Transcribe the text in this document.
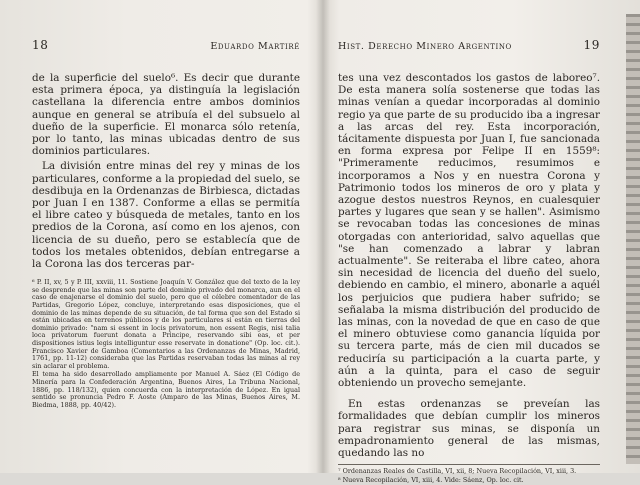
18	Eduardo Martiré

de la superficie del suelo⁶. Es decir que durante esta primera época, ya distinguía la legislación castellana la diferencia entre ambos dominios aunque en general se atribuía el del subsuelo al dueño de la superficie. El monarca sólo retenía, por lo tanto, las minas ubicadas dentro de sus dominios particulares.

La división entre minas del rey y minas de los particulares, conforme a la propiedad del suelo, se desdibuja en la Ordenanzas de Birbiesca, dictadas por Juan I en 1387. Conforme a ellas se permitía el libre cateo y búsqueda de metales, tanto en los predios de la Corona, así como en los ajenos, con licencia de su dueño, pero se establecía que de todos los metales obtenidos, debían entregarse a la Corona las dos terceras par-

⁶ P. II, xv, 5 y P. III, xxviii, 11. Sostiene Joaquín V. González que del texto de la ley se desprende que las minas son parte del dominio privado del monarca, aun en el caso de enajenarse el dominio del suelo, pero que el célebre comentador de las Partidas, Gregorio López, concluye, interpretando esas disposiciones, que el dominio de las minas depende de su situación, de tal forma que son del Estado si están ubicadas en terrenos públicos y de los particulares si están en tierras del dominio privado: "nam si essent in locis privatorum, non essent Regis, nisi talia loca privatorum fuerunt donata a Principe, reservando sibi eas, et per dispositiones istius legis intelliguntur esse reservate in donatione" (Op. loc. cit.). Francisco Xavier de Gamboa (Comentarios a las Ordenanzas de Minas, Madrid, 1761, pp. 11-12) consideraba que las Partidas reservaban todas las minas al rey sin aclarar el problema.

El tema ha sido desarrollado ampliamente por Manuel A. Sáez (El Código de Minería para la Confederación Argentina, Buenos Aires, La Tribuna Nacional, 1886, pp. 118/132), quien concuerda con la interpretación de López. En igual sentido se pronuncia Pedro F. Aoste (Amparo de las Minas, Buenos Aires, M. Biedma, 1888, pp. 40/42).

Hist. Derecho Minero Argentino	19

tes una vez descontados los gastos de laboreo⁷. De esta manera solía sostenerse que todas las minas venían a quedar incorporadas al dominio regio ya que parte de su producido iba a ingresar a las arcas del rey. Esta incorporación, tácitamente dispuesta por Juan I, fue sancionada en forma expresa por Felipe II en 1559⁸: "Primeramente reducimos, resumimos e incorporamos a Nos y en nuestra Corona y Patrimonio todos los mineros de oro y plata y azogue destos nuestros Reynos, en cualesquier partes y lugares que sean y se hallen". Asimismo se revocaban todas las concesiones de minas otorgadas con anterioridad, salvo aquellas que "se han comenzado a labrar y labran actualmente". Se reiteraba el libre cateo, ahora sin necesidad de licencia del dueño del suelo, debiendo en cambio, el minero, abonarle a aquél los perjuicios que pudiera haber sufrido; se señalaba la misma distribución del producido de las minas, con la novedad de que en caso de que el minero obtuviese como ganancia líquida por su tercera parte, más de cien mil ducados se reduciría su participación a la cuarta parte, y aún a la quinta, para el caso de seguir obteniendo un provecho semejante.

En estas ordenanzas se preveían las formalidades que debían cumplir los mineros para registrar sus minas, se disponía un empadronamiento general de las mismas, quedando las no

⁷ Ordenanzas Reales de Castilla, VI, xii, 8; Nueva Recopilación, VI, xiii, 3.

⁸ Nueva Recopilación, VI, xiii, 4. Vide: Sáenz, Op. loc. cit.
